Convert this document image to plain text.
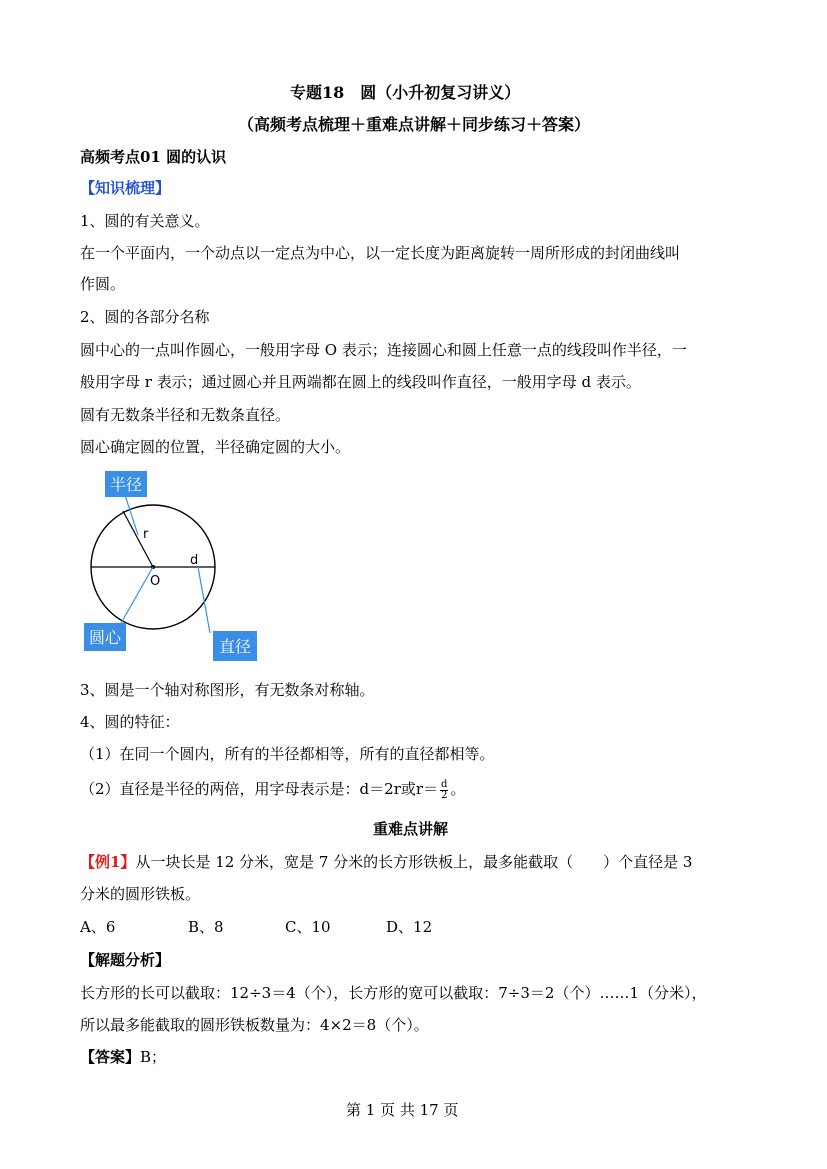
专题18　圆（小升初复习讲义）
（高频考点梳理＋重难点讲解＋同步练习＋答案）
高频考点01 圆的认识
【知识梳理】
1、圆的有关意义。
在一个平面内，一个动点以一定点为中心，以一定长度为距离旋转一周所形成的封闭曲线叫
作圆。
2、圆的各部分名称
圆中心的一点叫作圆心，一般用字母 O 表示；连接圆心和圆上任意一点的线段叫作半径，一
般用字母 r 表示；通过圆心并且两端都在圆上的线段叫作直径，一般用字母 d 表示。
圆有无数条半径和无数条直径。
圆心确定圆的位置，半径确定圆的大小。
半径
圆心	直径
r
d
O
3、圆是一个轴对称图形，有无数条对称轴。
4、圆的特征：
（1）在同一个圆内，所有的半径都相等，所有的直径都相等。
（2）直径是半径的两倍，用字母表示是：d＝2r或$r= \frac{d}{2}$ 。
重难点讲解
【例1】从一块长是 12 分米，宽是 7 分米的长方形铁板上，最多能截取（　　）个直径是 3
分米的圆形铁板。
A、6	B、8	C、10	D、12
【解题分析】
长方形的长可以截取：12÷3＝4（个），长方形的宽可以截取：7÷3＝2（个）……1（分米），
所以最多能截取的圆形铁板数量为：4×2＝8（个）。
【答案】B；
第 1 页 共 17 页
